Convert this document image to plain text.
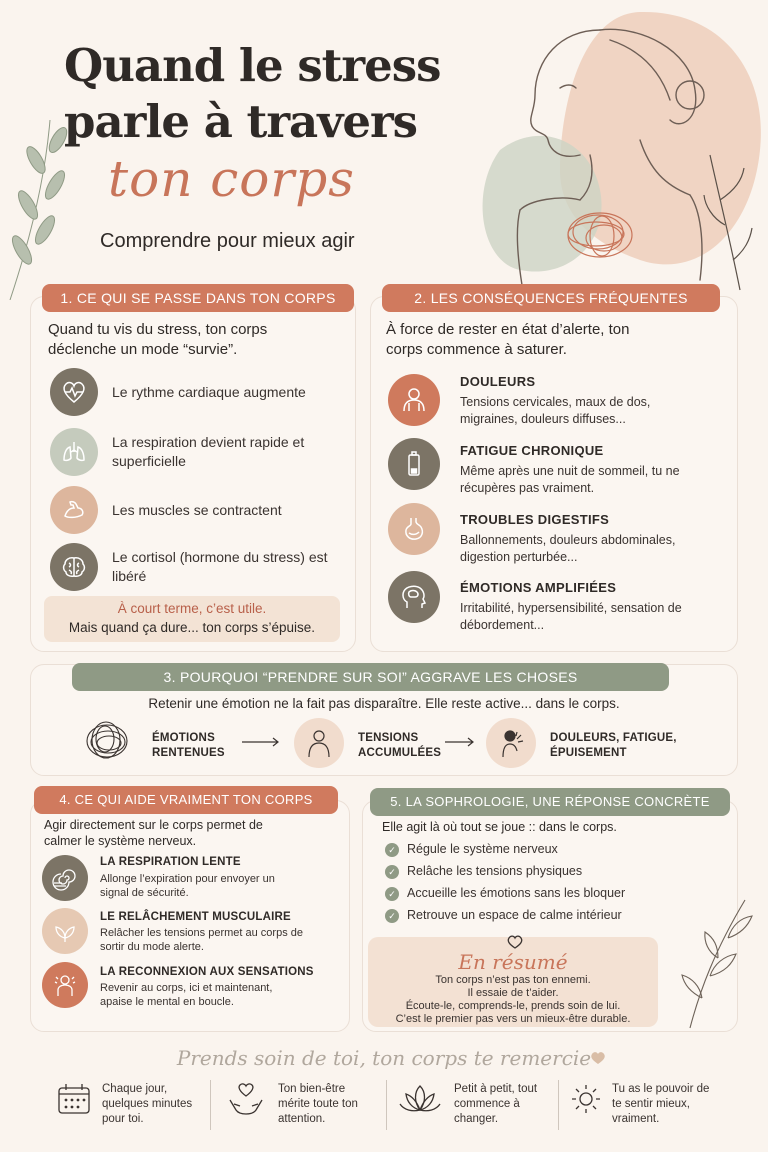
Quand le stress parle à travers
ton corps
Comprendre pour mieux agir
1. CE QUI SE PASSE DANS TON CORPS
Quand tu vis du stress, ton corps déclenche un mode “survie”.
Le rythme cardiaque augmente
La respiration devient rapide et superficielle
Les muscles se contractent
Le cortisol (hormone du stress) est libéré
À court terme, c’est utile.
Mais quand ça dure... ton corps s’épuise.
2. LES CONSÉQUENCES FRÉQUENTES
À force de rester en état d’alerte, ton corps commence à saturer.
DOULEURS
Tensions cervicales, maux de dos, migraines, douleurs diffuses...
FATIGUE CHRONIQUE
Même après une nuit de sommeil, tu ne récupères pas vraiment.
TROUBLES DIGESTIFS
Ballonnements, douleurs abdominales, digestion perturbée...
ÉMOTIONS AMPLIFIÉES
Irritabilité, hypersensibilité, sensation de débordement...
3. POURQUOI “PRENDRE SUR SOI” AGGRAVE LES CHOSES
Retenir une émotion ne la fait pas disparaître. Elle reste active... dans le corps.
ÉMOTIONS RENTENUES
TENSIONS ACCUMULÉES
DOULEURS, FATIGUE, ÉPUISEMENT
4. CE QUI AIDE VRAIMENT TON CORPS
Agir directement sur le corps permet de calmer le système nerveux.
LA RESPIRATION LENTE
Allonge l’expiration pour envoyer un signal de sécurité.
LE RELÂCHEMENT MUSCULAIRE
Relâcher les tensions permet au corps de sortir du mode alerte.
LA RECONNEXION AUX SENSATIONS
Revenir au corps, ici et maintenant, apaise le mental en boucle.
5. LA SOPHROLOGIE, UNE RÉPONSE CONCRÈTE
Elle agit là où tout se joue :: dans le corps.
✓ Régule le système nerveux
✓ Relâche les tensions physiques
✓ Accueille les émotions sans les bloquer
✓ Retrouve un espace de calme intérieur
En résumé
Ton corps n’est pas ton ennemi.
Il essaie de t’aider.
Écoute-le, comprends-le, prends soin de lui.
C’est le premier pas vers un mieux-être durable.
Prends soin de toi, ton corps te remercie
Chaque jour, quelques minutes pour toi.
Ton bien-être mérite toute ton attention.
Petit à petit, tout commence à changer.
Tu as le pouvoir de te sentir mieux, vraiment.
